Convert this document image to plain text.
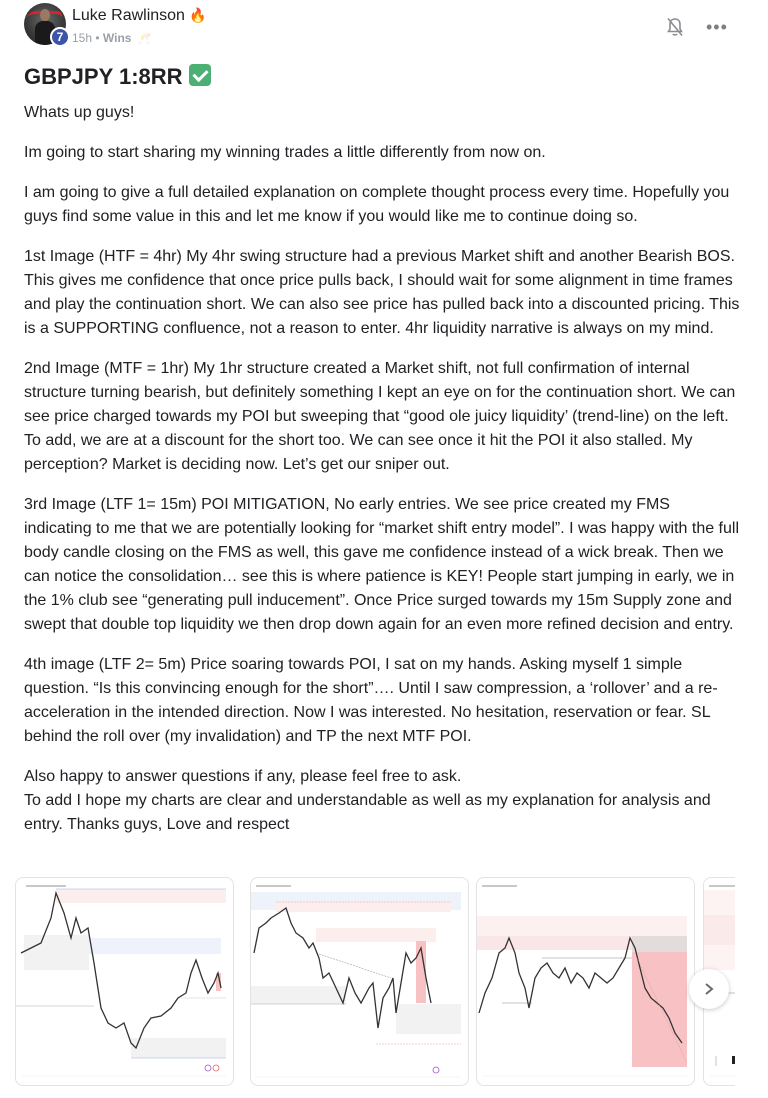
7
Luke Rawlinson 🔥
15h • Wins 🥂
•••
GBPJPY 1:8RR

Whats up guys!

Im going to start sharing my winning trades a little differently from now on.

I am going to give a full detailed explanation on complete thought process every time. Hopefully you guys find some value in this and let me know if you would like me to continue doing so.

1st Image (HTF = 4hr) My 4hr swing structure had a previous Market shift and another Bearish BOS. This gives me confidence that once price pulls back, I should wait for some alignment in time frames and play the continuation short. We can also see price has pulled back into a discounted pricing. This is a SUPPORTING confluence, not a reason to enter. 4hr liquidity narrative is always on my mind.

2nd Image (MTF = 1hr) My 1hr structure created a Market shift, not full confirmation of internal structure turning bearish, but definitely something I kept an eye on for the continuation short. We can see price charged towards my POI but sweeping that “good ole juicy liquidity’ (trend-line) on the left. To add, we are at a discount for the short too. We can see once it hit the POI it also stalled. My perception? Market is deciding now. Let’s get our sniper out.

3rd Image (LTF 1= 15m) POI MITIGATION, No early entries. We see price created my FMS indicating to me that we are potentially looking for “market shift entry model”. I was happy with the full body candle closing on the FMS as well, this gave me confidence instead of a wick break. Then we can notice the consolidation… see this is where patience is KEY! People start jumping in early, we in the 1% club see “generating pull inducement”. Once Price surged towards my 15m Supply zone and swept that double top liquidity we then drop down again for an even more refined decision and entry.

4th image (LTF 2= 5m) Price soaring towards POI, I sat on my hands. Asking myself 1 simple question. “Is this convincing enough for the short”…. Until I saw compression, a ‘rollover’ and a re-acceleration in the intended direction. Now I was interested. No hesitation, reservation or fear. SL behind the roll over (my invalidation) and TP the next MTF POI.

Also happy to answer questions if any, please feel free to ask.

To add I hope my charts are clear and understandable as well as my explanation for analysis and entry. Thanks guys, Love and respect
